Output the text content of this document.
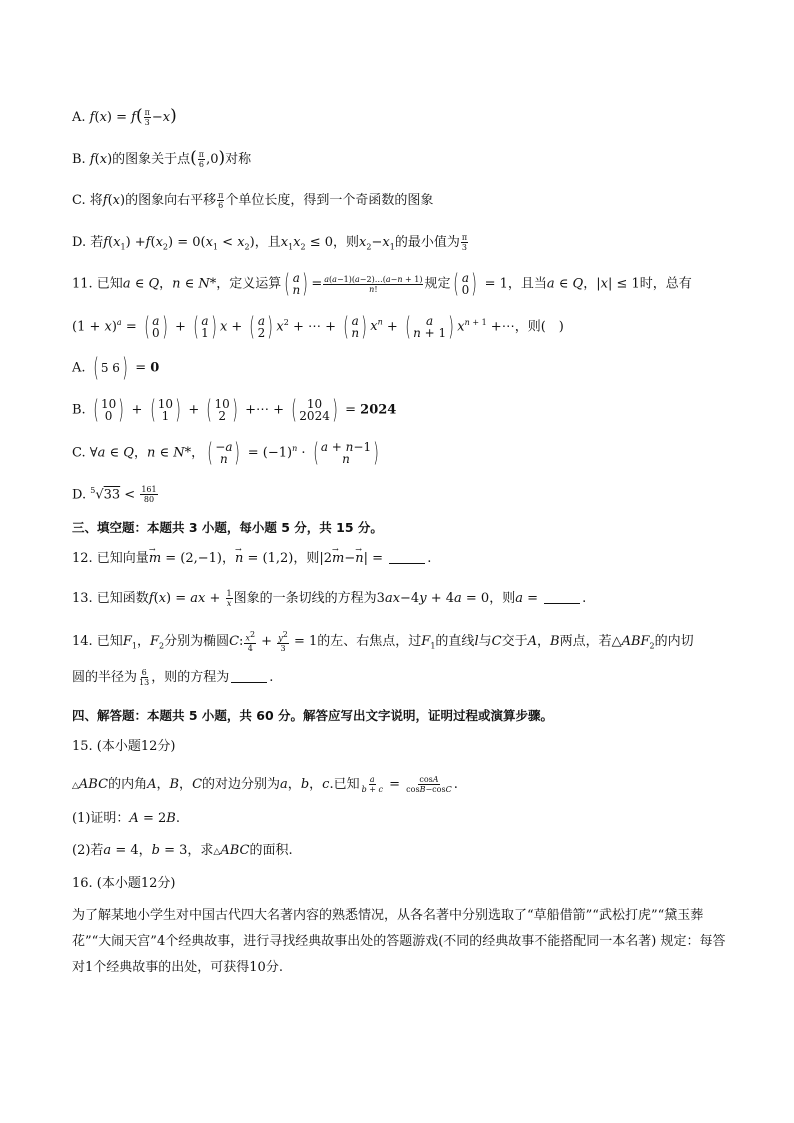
A. $f(x) = f( \frac{\pi}{3} -x)$
B. f(x)的图象关于点( $\frac{\pi}{6} ,0$)对称
C. 将f(x)的图象向右平移 $\frac{\pi}{6}$ 个单位长度，得到一个奇函数的图象
D. 若$f(x_1) +f(x_2) = 0(x_1 < x_2)$，且$x_1x_2 \le 0$，则$x_2-x_1$的最小值为 $\frac{\pi}{3}$
11. 已知a ∈ Q，n ∈ N*，定义运算 ( a
n ) = $\frac{a(a-1)(a-2)\dots(a-n + 1)}{n!}$ 规定 ( a
0 ) = 1，且当a ∈ Q，|x| ≤ 1时，总有
$(1 + x)^a$ = ( a
0 ) + ( a
1 ) x + ( a
2 ) $x^2$ + ⋯ + ( a
n ) $x^n$ + ( a
n + 1 ) $x^{n + 1}$ +⋯，则(　)
A. ( 5 6 ) = 0
B. ( 10
0 ) + ( 10
1 ) + ( 10
2 ) +⋯ + ( 10
2024 ) = 2024
C. ∀a ∈ Q，n ∈ N*， ( −a
n ) = $(-1)^n$ · ( a + n−1
n )
D. $^5√33 < \frac{161}{80}$
三、填空题：本题共 3 小题，每小题 5 分，共 15 分。
12. 已知向量→ m = (2,−1)，→ n = (1,2)，则|2→ m−→ n| =	.
13. 已知函数f(x) = ax + $\frac{1}{x}$ 图象的一条切线的方程为3ax−4y + 4a = 0，则a =	.
14. 已知$F_1$，$F_2$分别为椭圆C: $\frac{x^2}{4} + \frac{y^2}{3} = 1$的左、右焦点，过$F_1$的直线l与C交于A，B两点，若$\triangle ABF_2$的内切
圆的半径为 $\frac{6}{13}$ ，则的方程为	.
四、解答题：本题共 5 小题，共 60 分。解答应写出文字说明，证明过程或演算步骤。
15. (本小题12分)
△ABC的内角A，B，C的对边分别为a，b，c.已知 $\frac{a}{b + c} = \frac{\cos A}{\cos B-\cos C}$ .
(1)证明：A = 2B.
(2)若a = 4，b = 3，求△ABC的面积.
16. (本小题12分)
为了解某地小学生对中国古代四大名著内容的熟悉情况，从各名著中分别选取了“草船借箭”“武松打虎”“黛玉葬花”“大闹天宫”4个经典故事，进行寻找经典故事出处的答题游戏(不同的经典故事不能搭配同一本名著) 规定：每答对1个经典故事的出处，可获得10分.
